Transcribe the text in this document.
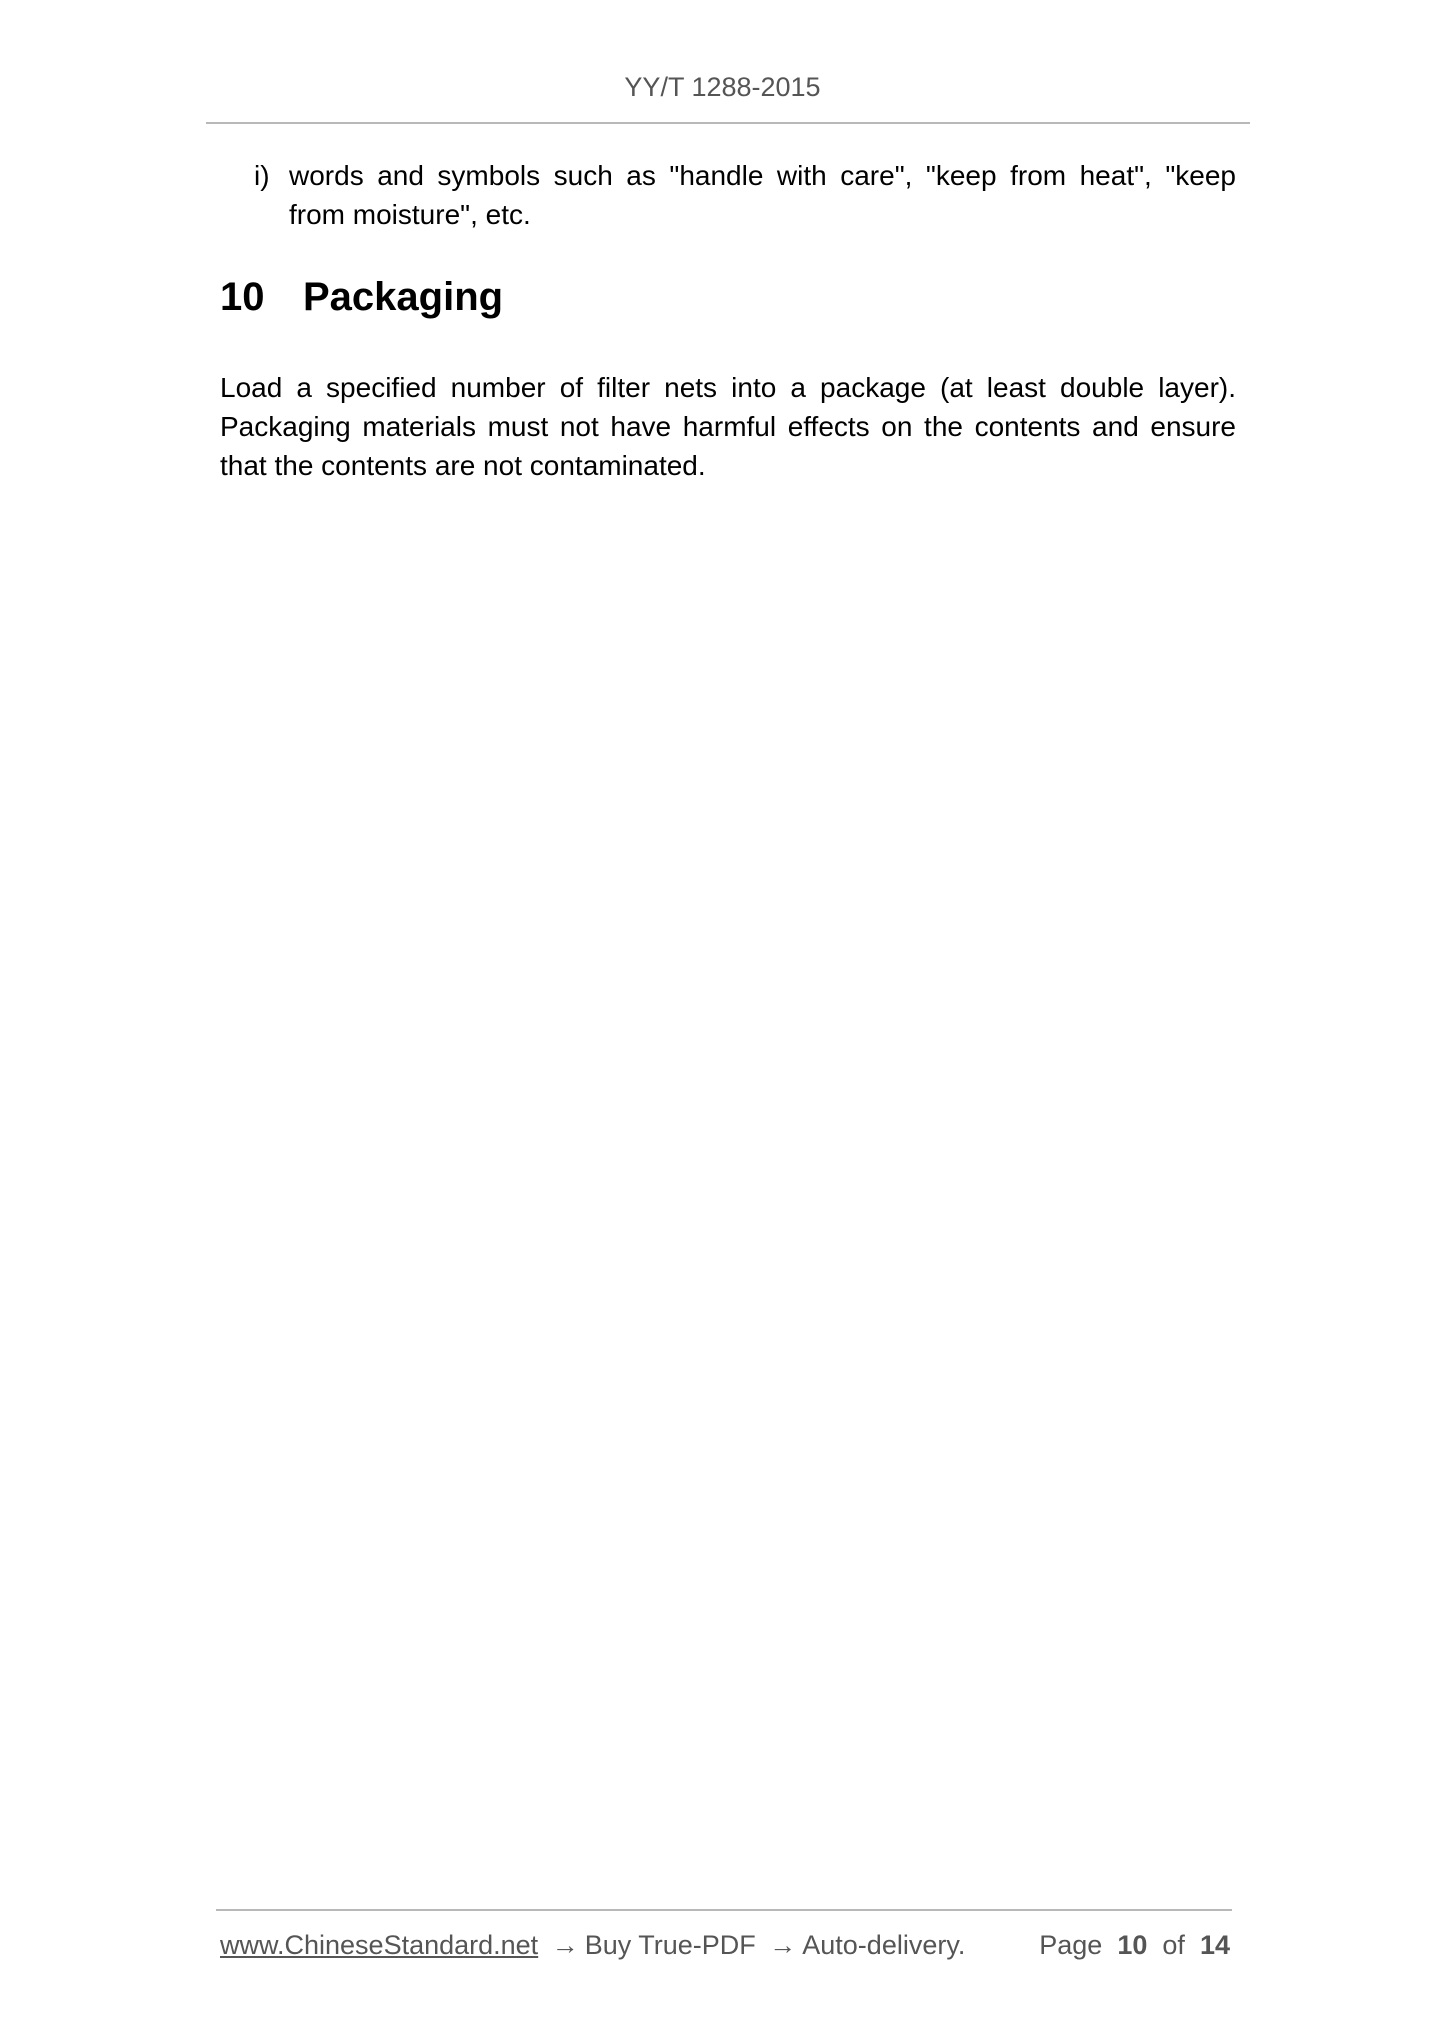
YY/T 1288-2015
i) words and symbols such as "handle with care", "keep from heat", "keep from moisture", etc.
10 Packaging
Load a specified number of filter nets into a package (at least double layer). Packaging materials must not have harmful effects on the contents and ensure that the contents are not contaminated.
www.ChineseStandard.net → Buy True-PDF → Auto-delivery.	Page 10 of 14
